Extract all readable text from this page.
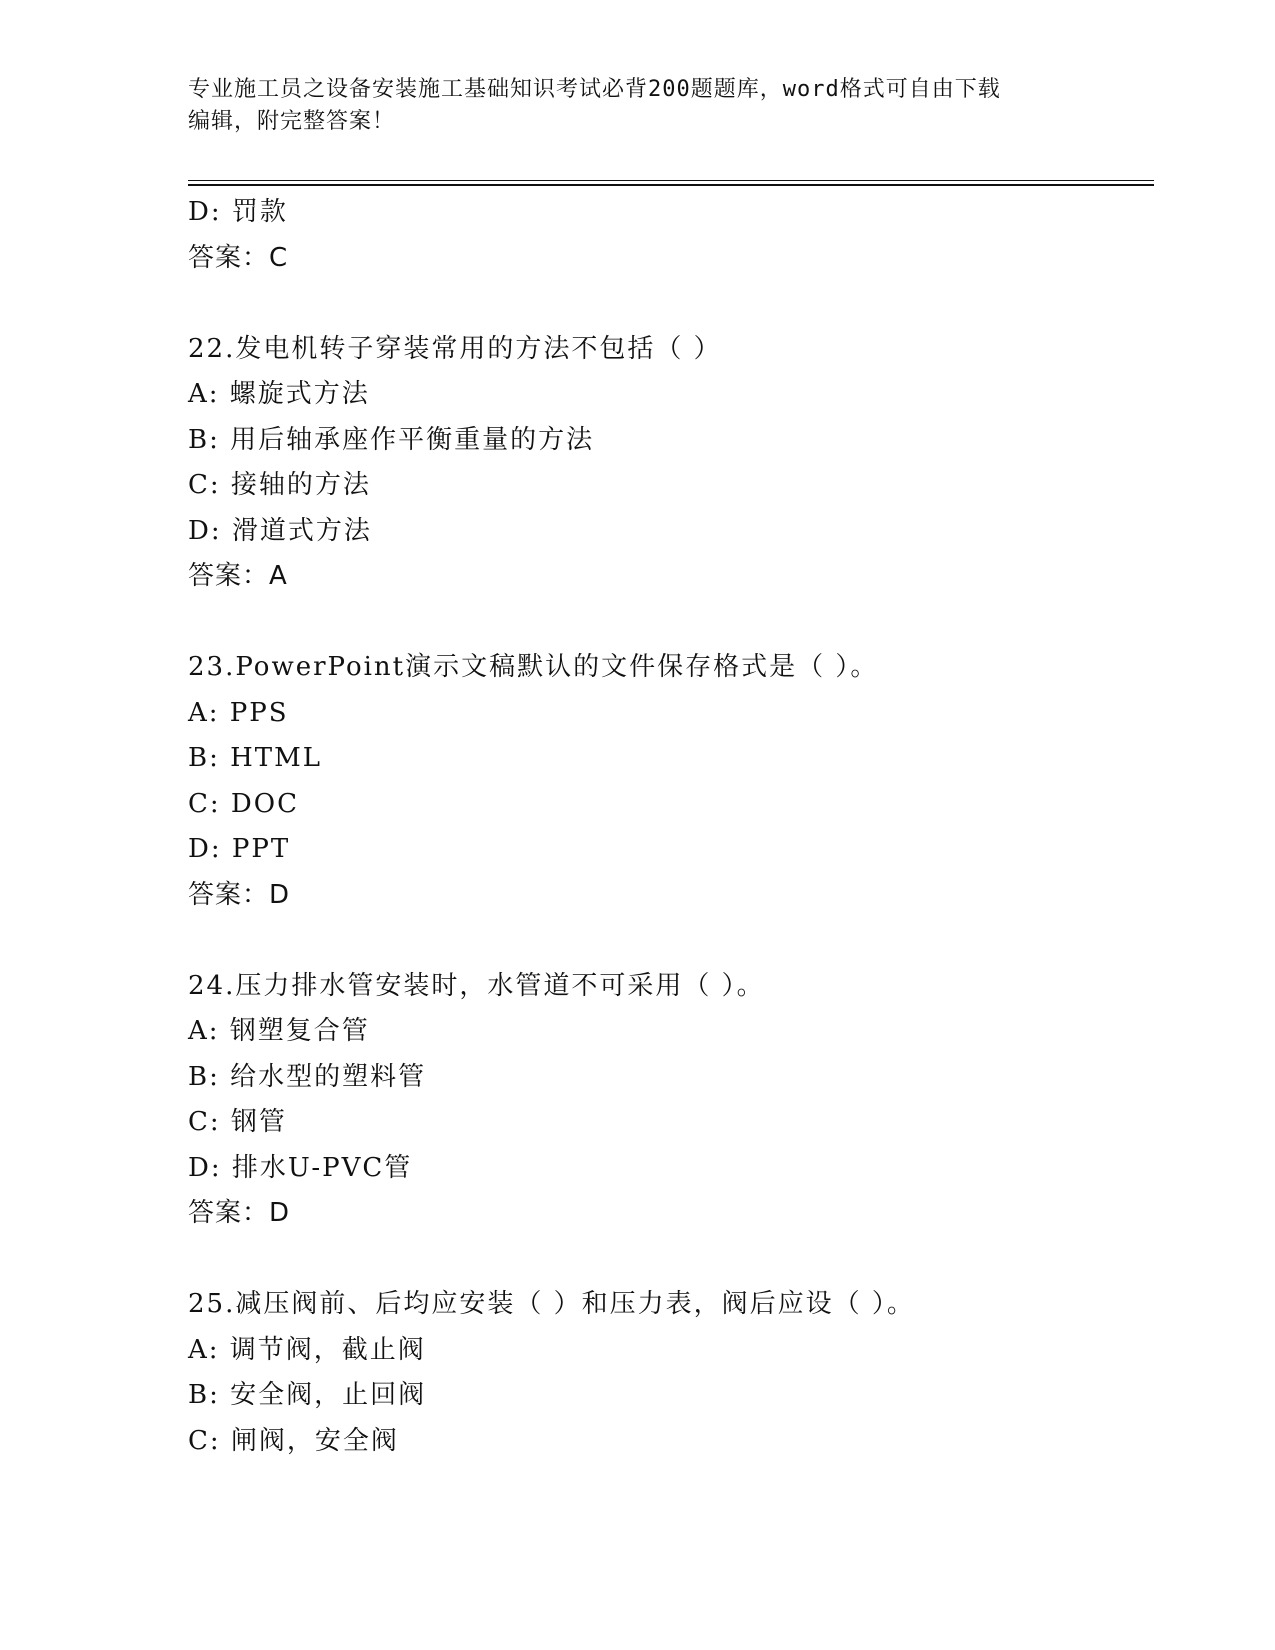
专业施工员之设备安装施工基础知识考试必背200题题库，word格式可自由下载
编辑，附完整答案！
D: 罚款
答案：C
22.发电机转子穿装常用的方法不包括（ ）
A: 螺旋式方法
B: 用后轴承座作平衡重量的方法
C: 接轴的方法
D: 滑道式方法
答案：A
23.PowerPoint演示文稿默认的文件保存格式是（ ）。
A: PPS
B: HTML
C: DOC
D: PPT
答案：D
24.压力排水管安装时，水管道不可采用（ ）。
A: 钢塑复合管
B: 给水型的塑料管
C: 钢管
D: 排水U-PVC管
答案：D
25.减压阀前、后均应安装（ ）和压力表，阀后应设（ ）。
A: 调节阀，截止阀
B: 安全阀，止回阀
C: 闸阀，安全阀
